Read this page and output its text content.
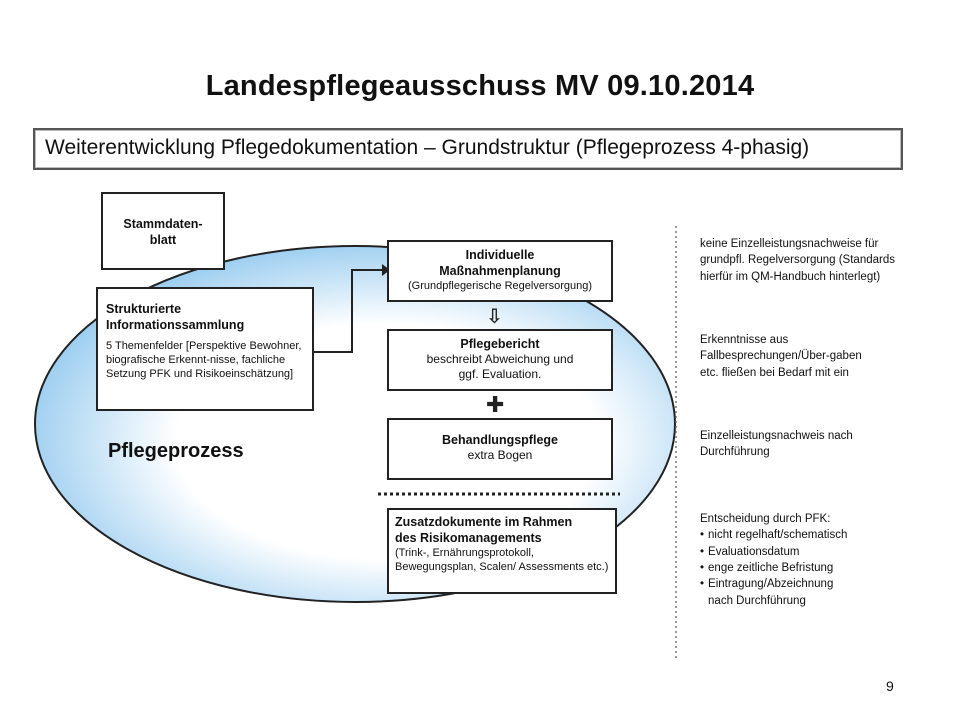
Landespflegeausschuss MV 09.10.2014
Weiterentwicklung Pflegedokumentation – Grundstruktur (Pflegeprozess 4-phasig)
Stammdaten-
blatt
Strukturierte
Informationssammlung
5 Themenfelder [Perspektive Bewohner, biografische Erkennt-nisse, fachliche Setzung PFK und Risikoeinschätzung]
Individuelle
Maßnahmenplanung
(Grundpflegerische Regelversorgung)
⇩
Pflegebericht
beschreibt Abweichung und
ggf. Evaluation.
✚
Behandlungspflege
extra Bogen
Zusatzdokumente im Rahmen
des Risikomanagements
(Trink-, Ernährungsprotokoll, Bewegungsplan, Scalen/ Assessments etc.)
Pflegeprozess
keine Einzelleistungsnachweise für grundpfl. Regelversorgung (Standards hierfür im QM-Handbuch hinterlegt)
Erkenntnisse aus Fallbesprechungen/Über-gaben etc. fließen bei Bedarf mit ein
Einzelleistungsnachweis nach Durchführung
Entscheidung durch PFK:
• nicht regelhaft/schematisch
• Evaluationsdatum
• enge zeitliche Befristung
• Eintragung/Abzeichnung nach Durchführung
9
